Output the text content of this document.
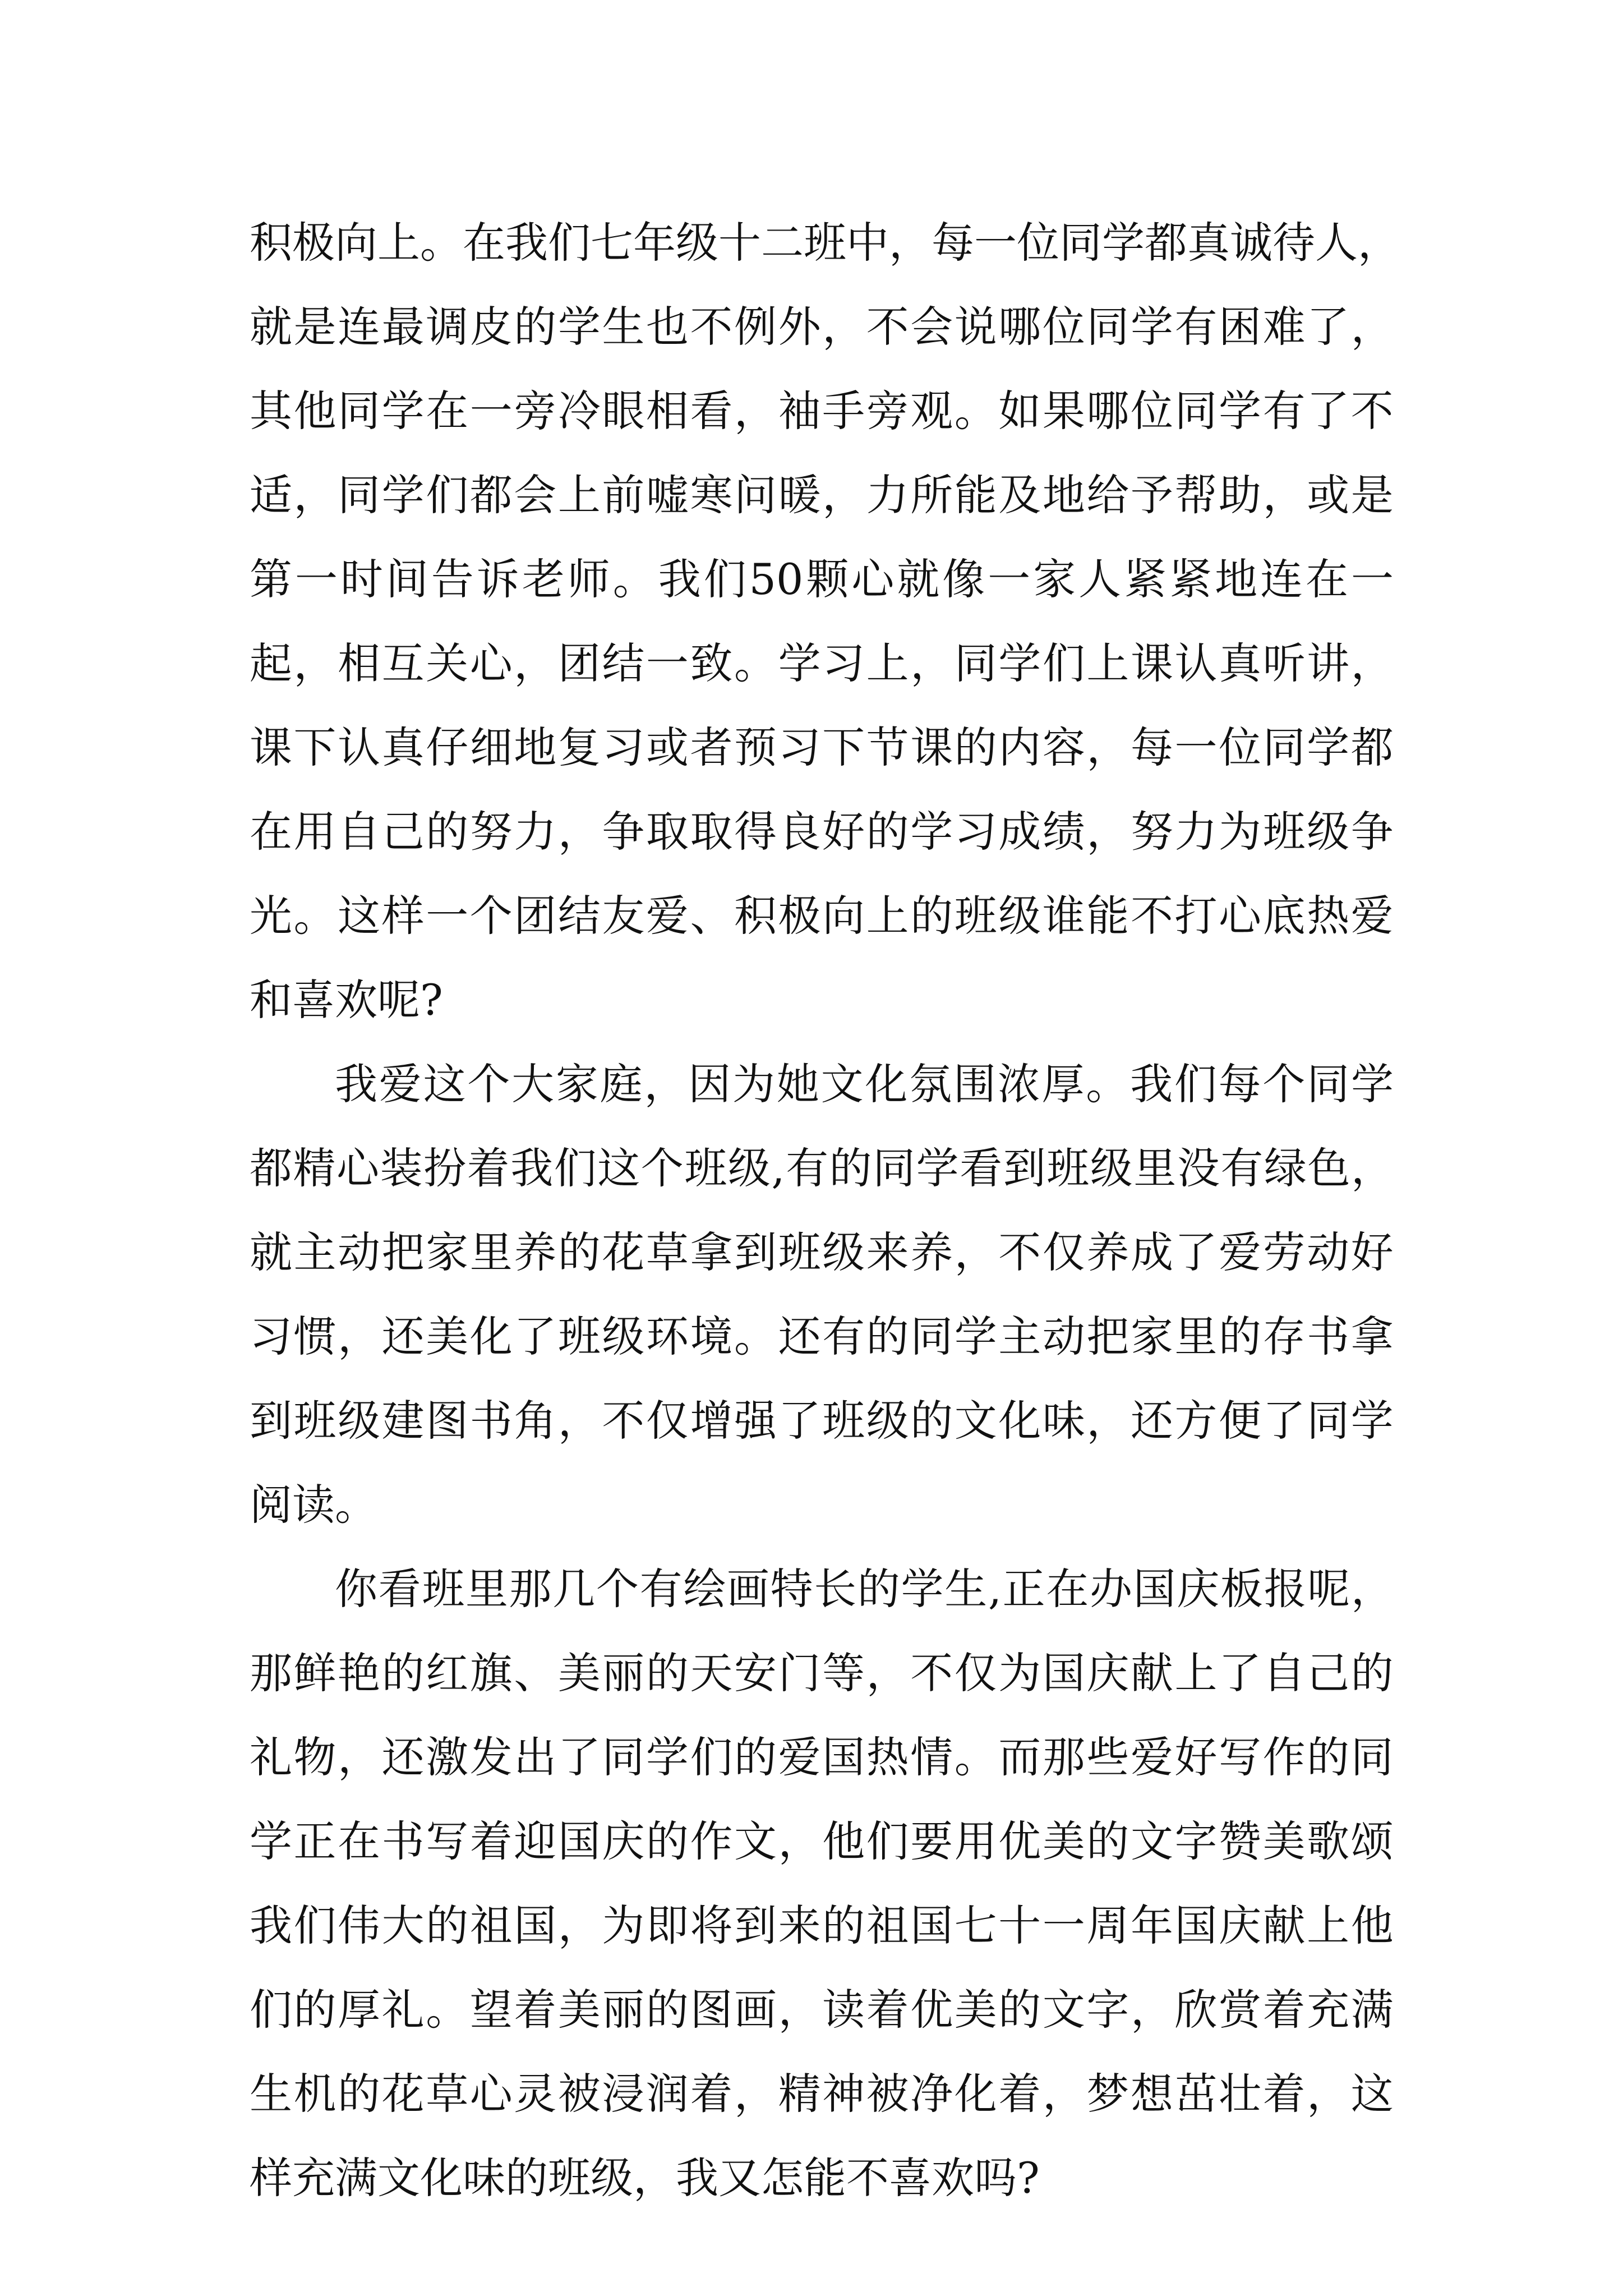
积 极 向 上 。 在 我 们 七 年 级 十 二 班 中 ， 每 一 位 同 学 都 真 诚 待 人 ，
就 是 连 最 调 皮 的 学 生 也 不 例 外 ， 不 会 说 哪 位 同 学 有 困 难 了 ，
其 他 同 学 在 一 旁 冷 眼 相 看 ， 袖 手 旁 观 。 如 果 哪 位 同 学 有 了 不
适 ， 同 学 们 都 会 上 前 嘘 寒 问 暖 ， 力 所 能 及 地 给 予 帮 助 ， 或 是
第 一 时 间 告 诉 老 师 。 我 们 50 颗 心 就 像 一 家 人 紧 紧 地 连 在 一
起 ， 相 互 关 心 ， 团 结 一 致 。 学 习 上 ， 同 学 们 上 课 认 真 听 讲 ，
课 下 认 真 仔 细 地 复 习 或 者 预 习 下 节 课 的 内 容 ， 每 一 位 同 学 都
在 用 自 己 的 努 力 ， 争 取 取 得 良 好 的 学 习 成 绩 ， 努 力 为 班 级 争
光 。 这 样 一 个 团 结 友 爱 、 积 极 向 上 的 班 级 谁 能 不 打 心 底 热 爱
和喜欢呢?
我 爱 这 个 大 家 庭 ， 因 为 她 文 化 氛 围 浓 厚 。 我 们 每 个 同 学
都 精 心 装 扮 着 我 们 这 个 班 级 , 有 的 同 学 看 到 班 级 里 没 有 绿 色 ，
就 主 动 把 家 里 养 的 花 草 拿 到 班 级 来 养 ， 不 仅 养 成 了 爱 劳 动 好
习 惯 ， 还 美 化 了 班 级 环 境 。 还 有 的 同 学 主 动 把 家 里 的 存 书 拿
到 班 级 建 图 书 角 ， 不 仅 增 强 了 班 级 的 文 化 味 ， 还 方 便 了 同 学
阅读。
你 看 班 里 那 几 个 有 绘 画 特 长 的 学 生 , 正 在 办 国 庆 板 报 呢 ，
那 鲜 艳 的 红 旗 、 美 丽 的 天 安 门 等 ， 不 仅 为 国 庆 献 上 了 自 己 的
礼 物 ， 还 激 发 出 了 同 学 们 的 爱 国 热 情 。 而 那 些 爱 好 写 作 的 同
学 正 在 书 写 着 迎 国 庆 的 作 文 ， 他 们 要 用 优 美 的 文 字 赞 美 歌 颂
我 们 伟 大 的 祖 国 ， 为 即 将 到 来 的 祖 国 七 十 一 周 年 国 庆 献 上 他
们 的 厚 礼 。 望 着 美 丽 的 图 画 ， 读 着 优 美 的 文 字 ， 欣 赏 着 充 满
生 机 的 花 草 心 灵 被 浸 润 着 ， 精 神 被 净 化 着 ， 梦 想 茁 壮 着 ， 这
样充满文化味的班级，我又怎能不喜欢吗?
